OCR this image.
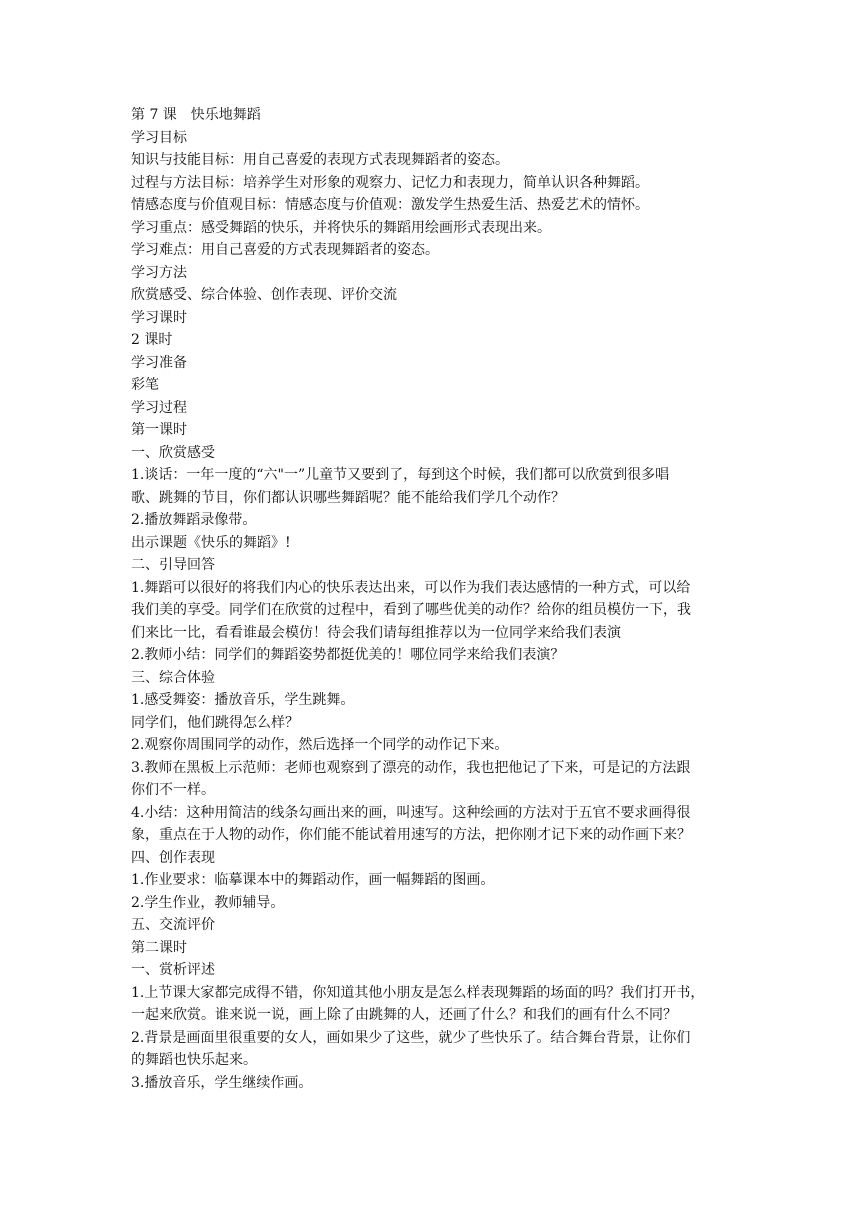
第 7 课　快乐地舞蹈
学习目标
知识与技能目标：用自己喜爱的表现方式表现舞蹈者的姿态。
过程与方法目标：培养学生对形象的观察力、记忆力和表现力，简单认识各种舞蹈。
情感态度与价值观目标：情感态度与价值观：激发学生热爱生活、热爱艺术的情怀。
学习重点：感受舞蹈的快乐，并将快乐的舞蹈用绘画形式表现出来。
学习难点：用自己喜爱的方式表现舞蹈者的姿态。
学习方法
欣赏感受、综合体验、创作表现、评价交流
学习课时
2 课时
学习准备
彩笔
学习过程
第一课时
一、欣赏感受
1.谈话：一年一度的“六"一”儿童节又要到了，每到这个时候，我们都可以欣赏到很多唱
歌、跳舞的节目，你们都认识哪些舞蹈呢？能不能给我们学几个动作？
2.播放舞蹈录像带。
出示课题《快乐的舞蹈》!
二、引导回答
1.舞蹈可以很好的将我们内心的快乐表达出来，可以作为我们表达感情的一种方式，可以给
我们美的享受。同学们在欣赏的过程中，看到了哪些优美的动作？给你的组员模仿一下，我
们来比一比，看看谁最会模仿！待会我们请每组推荐以为一位同学来给我们表演
2.教师小结：同学们的舞蹈姿势都挺优美的！哪位同学来给我们表演？
三、综合体验
1.感受舞姿：播放音乐，学生跳舞。
同学们，他们跳得怎么样？
2.观察你周围同学的动作，然后选择一个同学的动作记下来。
3.教师在黑板上示范师：老师也观察到了漂亮的动作，我也把他记了下来，可是记的方法跟
你们不一样。
4.小结：这种用简洁的线条勾画出来的画，叫速写。这种绘画的方法对于五官不要求画得很
象，重点在于人物的动作，你们能不能试着用速写的方法，把你刚才记下来的动作画下来？
四、创作表现
1.作业要求：临摹课本中的舞蹈动作，画一幅舞蹈的图画。
2.学生作业，教师辅导。
五、交流评价
第二课时
一、赏析评述
1.上节课大家都完成得不错，你知道其他小朋友是怎么样表现舞蹈的场面的吗？我们打开书，
一起来欣赏。谁来说一说，画上除了由跳舞的人，还画了什么？和我们的画有什么不同？
2.背景是画面里很重要的女人，画如果少了这些，就少了些快乐了。结合舞台背景，让你们
的舞蹈也快乐起来。
3.播放音乐，学生继续作画。
